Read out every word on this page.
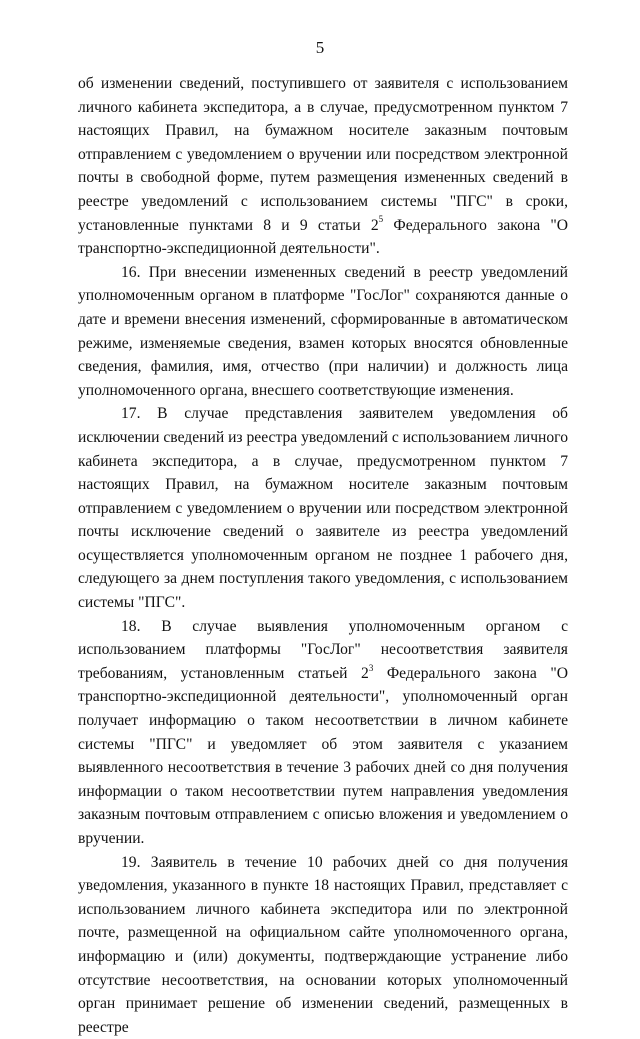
5

об изменении сведений, поступившего от заявителя с использованием личного кабинета экспедитора, а в случае, предусмотренном пунктом 7 настоящих Правил, на бумажном носителе заказным почтовым отправлением с уведомлением о вручении или посредством электронной почты в свободной форме, путем размещения измененных сведений в реестре уведомлений с использованием системы "ПГС" в сроки, установленные пунктами 8 и 9 статьи $2^5$ Федерального закона "О транспортно-экспедиционной деятельности".

16. При внесении измененных сведений в реестр уведомлений уполномоченным органом в платформе "ГосЛог" сохраняются данные о дате и времени внесения изменений, сформированные в автоматическом режиме, изменяемые сведения, взамен которых вносятся обновленные сведения, фамилия, имя, отчество (при наличии) и должность лица уполномоченного органа, внесшего соответствующие изменения.

17. В случае представления заявителем уведомления об исключении сведений из реестра уведомлений с использованием личного кабинета экспедитора, а в случае, предусмотренном пунктом 7 настоящих Правил, на бумажном носителе заказным почтовым отправлением с уведомлением о вручении или посредством электронной почты исключение сведений о заявителе из реестра уведомлений осуществляется уполномоченным органом не позднее 1 рабочего дня, следующего за днем поступления такого уведомления, с использованием системы "ПГС".

18. В случае выявления уполномоченным органом с использованием платформы "ГосЛог" несоответствия заявителя требованиям, установленным статьей $2^3$ Федерального закона "О транспортно-экспедиционной деятельности", уполномоченный орган получает информацию о таком несоответствии в личном кабинете системы "ПГС" и уведомляет об этом заявителя с указанием выявленного несоответствия в течение 3 рабочих дней со дня получения информации о таком несоответствии путем направления уведомления заказным почтовым отправлением с описью вложения и уведомлением о вручении.

19. Заявитель в течение 10 рабочих дней со дня получения уведомления, указанного в пункте 18 настоящих Правил, представляет с использованием личного кабинета экспедитора или по электронной почте, размещенной на официальном сайте уполномоченного органа, информацию и (или) документы, подтверждающие устранение либо отсутствие несоответствия, на основании которых уполномоченный орган принимает решение об изменении сведений, размещенных в реестре
